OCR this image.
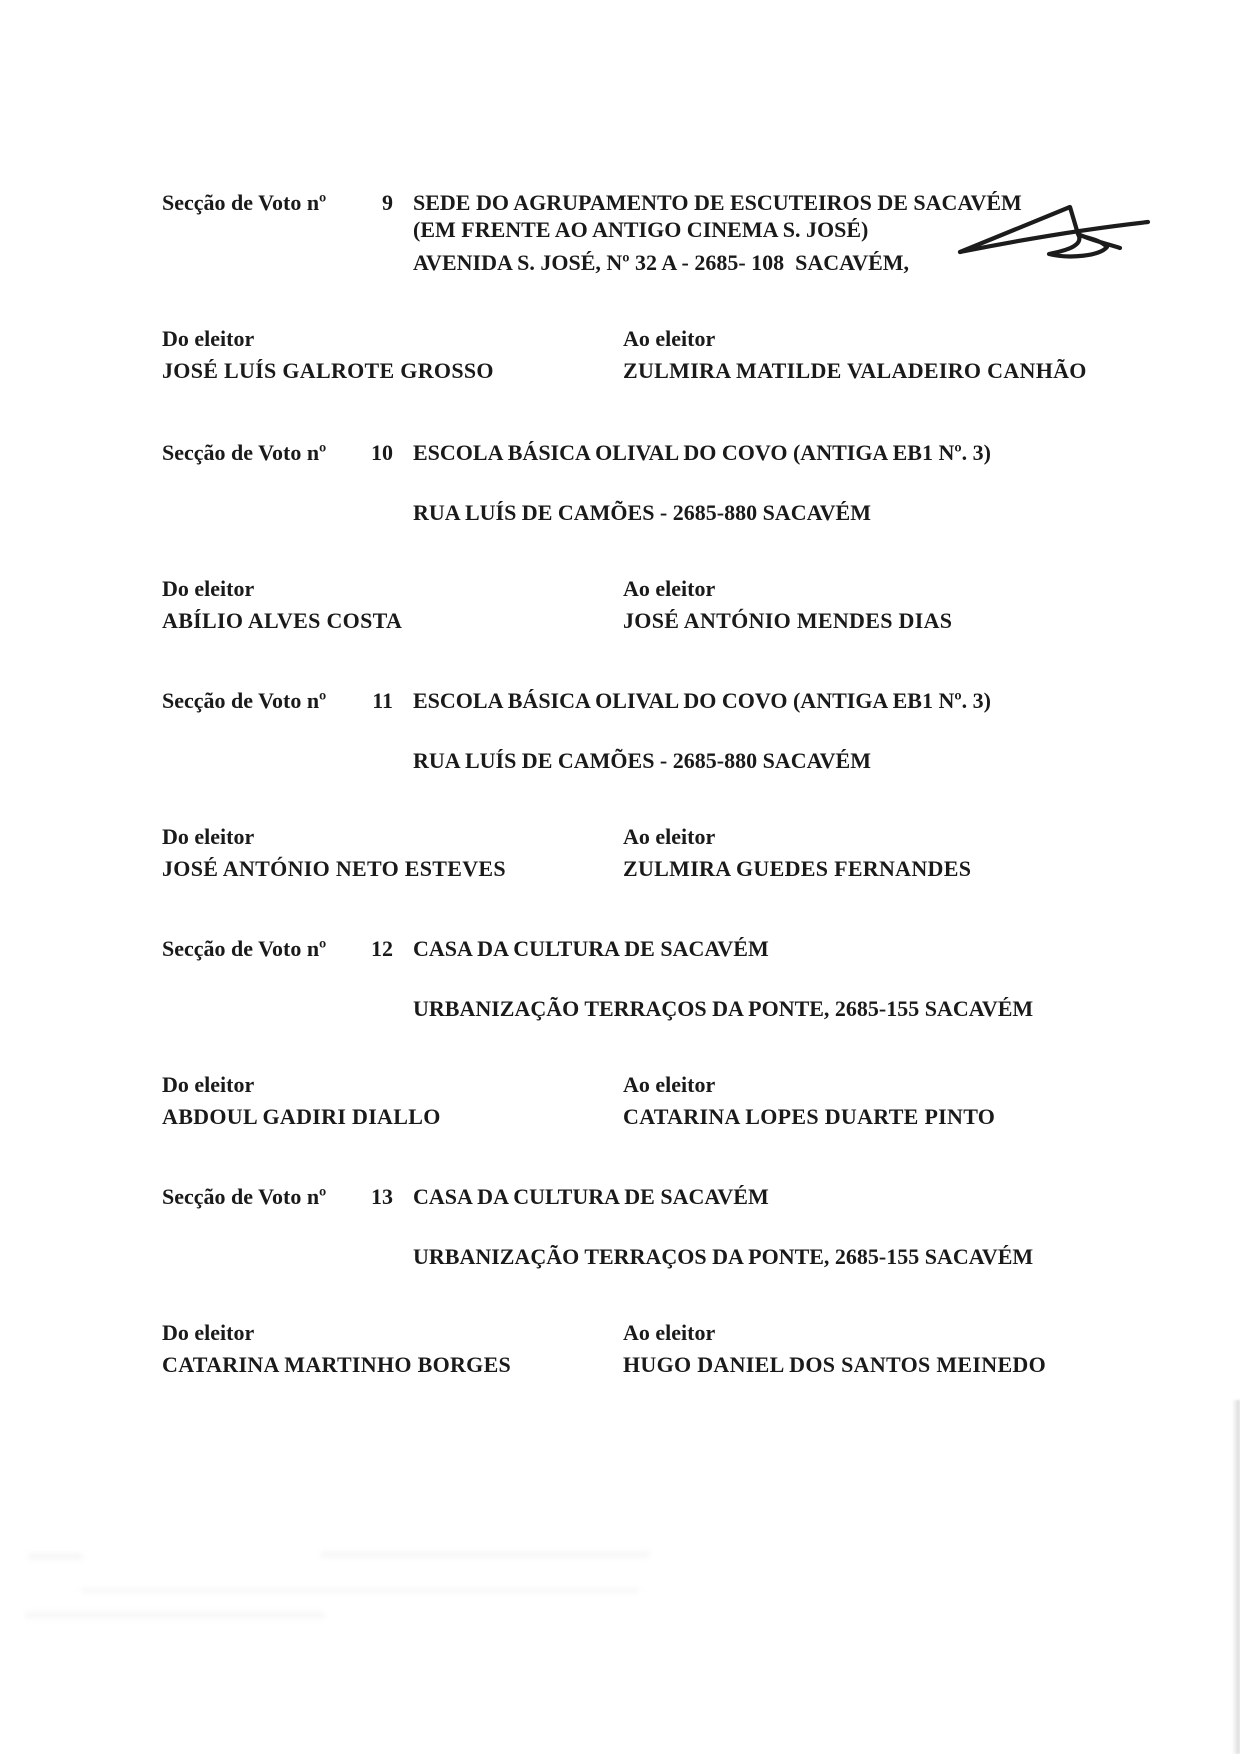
Secção de Voto nº	9 SEDE DO AGRUPAMENTO DE ESCUTEIROS DE SACAVÉM (EM FRENTE AO ANTIGO CINEMA S. JOSÉ)
AVENIDA S. JOSÉ, Nº 32 A - 2685- 108  SACAVÉM,
Do eleitor	Ao eleitor
JOSÉ LUÍS GALROTE GROSSO	ZULMIRA MATILDE VALADEIRO CANHÃO
Secção de Voto nº	10 ESCOLA BÁSICA OLIVAL DO COVO (ANTIGA EB1 Nº. 3)
RUA LUÍS DE CAMÕES - 2685-880 SACAVÉM
Do eleitor	Ao eleitor
ABÍLIO ALVES COSTA	JOSÉ ANTÓNIO MENDES DIAS
Secção de Voto nº	11 ESCOLA BÁSICA OLIVAL DO COVO (ANTIGA EB1 Nº. 3)
RUA LUÍS DE CAMÕES - 2685-880 SACAVÉM
Do eleitor	Ao eleitor
JOSÉ ANTÓNIO NETO ESTEVES	ZULMIRA GUEDES FERNANDES
Secção de Voto nº	12 CASA DA CULTURA DE SACAVÉM
URBANIZAÇÃO TERRAÇOS DA PONTE, 2685-155 SACAVÉM
Do eleitor	Ao eleitor
ABDOUL GADIRI DIALLO	CATARINA LOPES DUARTE PINTO
Secção de Voto nº	13 CASA DA CULTURA DE SACAVÉM
URBANIZAÇÃO TERRAÇOS DA PONTE, 2685-155 SACAVÉM
Do eleitor	Ao eleitor
CATARINA MARTINHO BORGES	HUGO DANIEL DOS SANTOS MEINEDO
